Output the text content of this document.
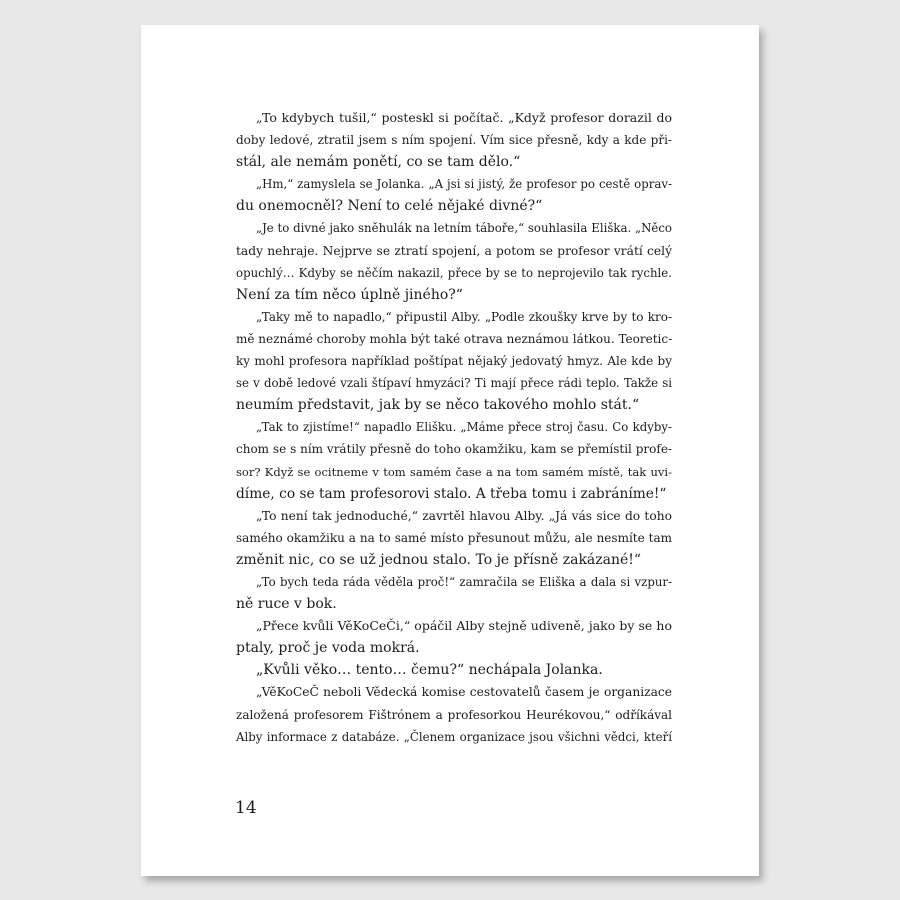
„To kdybych tušil,“ posteskl si počítač. „Když profesor dorazil do
doby ledové, ztratil jsem s ním spojení. Vím sice přesně, kdy a kde při-
stál, ale nemám ponětí, co se tam dělo.“
„Hm,“ zamyslela se Jolanka. „A jsi si jistý, že profesor po cestě oprav-
du onemocněl? Není to celé nějaké divné?“
„Je to divné jako sněhulák na letním táboře,“ souhlasila Eliška. „Něco
tady nehraje. Nejprve se ztratí spojení, a potom se profesor vrátí celý
opuchlý… Kdyby se něčím nakazil, přece by se to neprojevilo tak rychle.
Není za tím něco úplně jiného?“
„Taky mě to napadlo,“ připustil Alby. „Podle zkoušky krve by to kro-
mě neznámé choroby mohla být také otrava neznámou látkou. Teoretic-
ky mohl profesora například poštípat nějaký jedovatý hmyz. Ale kde by
se v době ledové vzali štípaví hmyzáci? Ti mají přece rádi teplo. Takže si
neumím představit, jak by se něco takového mohlo stát.“
„Tak to zjistíme!“ napadlo Elišku. „Máme přece stroj času. Co kdyby-
chom se s ním vrátily přesně do toho okamžiku, kam se přemístil profe-
sor? Když se ocitneme v tom samém čase a na tom samém místě, tak uvi-
díme, co se tam profesorovi stalo. A třeba tomu i zabráníme!“
„To není tak jednoduché,“ zavrtěl hlavou Alby. „Já vás sice do toho
samého okamžiku a na to samé místo přesunout můžu, ale nesmíte tam
změnit nic, co se už jednou stalo. To je přísně zakázané!“
„To bych teda ráda věděla proč!“ zamračila se Eliška a dala si vzpur-
ně ruce v bok.
„Přece kvůli VěKoCeČi,“ opáčil Alby stejně udiveně, jako by se ho
ptaly, proč je voda mokrá.
„Kvůli věko… tento… čemu?“ nechápala Jolanka.
„VěKoCeČ neboli Vědecká komise cestovatelů časem je organizace
založená profesorem Fištrónem a profesorkou Heurékovou,“ odříkával
Alby informace z databáze. „Členem organizace jsou všichni vědci, kteří
14
